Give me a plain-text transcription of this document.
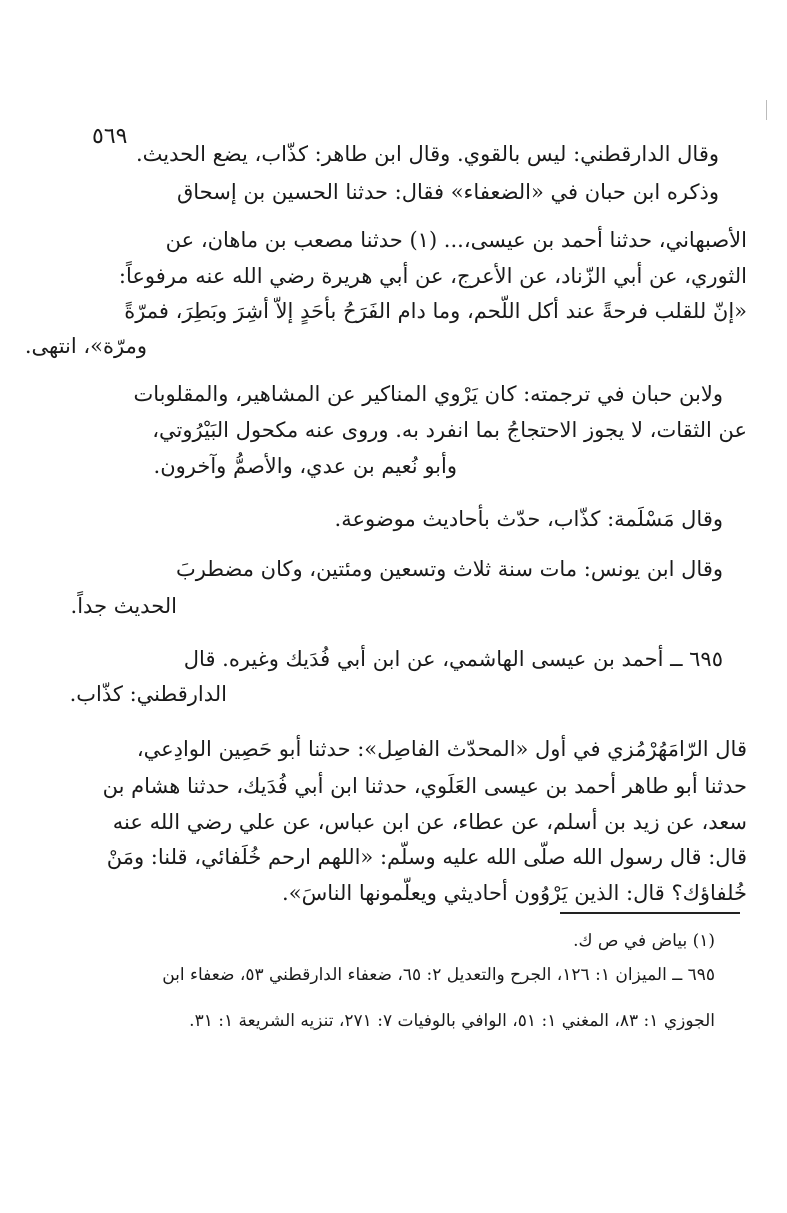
٥٦٩
وقال الدارقطني: ليس بالقوي. وقال ابن طاهر: كذّاب، يضع الحديث.
وذكره ابن حبان في «الضعفاء» فقال: حدثنا الحسين بن إسحاق
الأصبهاني، حدثنا أحمد بن عيسى،... (١) حدثنا مصعب بن ماهان، عن
الثوري، عن أبي الزّناد، عن الأعرج، عن أبي هريرة رضي الله عنه مرفوعاً:
«إنّ للقلب فرحةً عند أكل اللّحم، وما دام الفَرَحُ بأحَدٍ إلاّ أشِرَ وبَطِرَ، فمرّةً
ومرّة»، انتهى.
ولابن حبان في ترجمته: كان يَرْوي المناكير عن المشاهير، والمقلوبات
عن الثقات، لا يجوز الاحتجاجُ بما انفرد به. وروى عنه مكحول البَيْرُوتي،
وأبو نُعيم بن عدي، والأصمُّ وآخرون.
وقال مَسْلَمة: كذّاب، حدّث بأحاديث موضوعة.
وقال ابن يونس: مات سنة ثلاث وتسعين ومئتين، وكان مضطربَ
الحديث جداً.
٦٩٥ ــ أحمد بن عيسى الهاشمي، عن ابن أبي فُدَيك وغيره. قال
الدارقطني: كذّاب.
قال الرّامَهُرْمُزي في أول «المحدّث الفاصِل»: حدثنا أبو حَصِين الوادِعي،
حدثنا أبو طاهر أحمد بن عيسى العَلَوي، حدثنا ابن أبي فُدَيك، حدثنا هشام بن
سعد، عن زيد بن أسلم، عن عطاء، عن ابن عباس، عن علي رضي الله عنه
قال: قال رسول الله صلّى الله عليه وسلّم: «اللهم ارحم خُلَفائي، قلنا: ومَنْ
خُلفاؤك؟ قال: الذين يَرْوُون أحاديثي ويعلّمونها الناسَ».
(١) بياض في ص ك.
٦٩٥ ــ الميزان ١: ١٢٦، الجرح والتعديل ٢: ٦٥، ضعفاء الدارقطني ٥٣، ضعفاء ابن
الجوزي ١: ٨٣، المغني ١: ٥١، الوافي بالوفيات ٧: ٢٧١، تنزيه الشريعة ١: ٣١.
